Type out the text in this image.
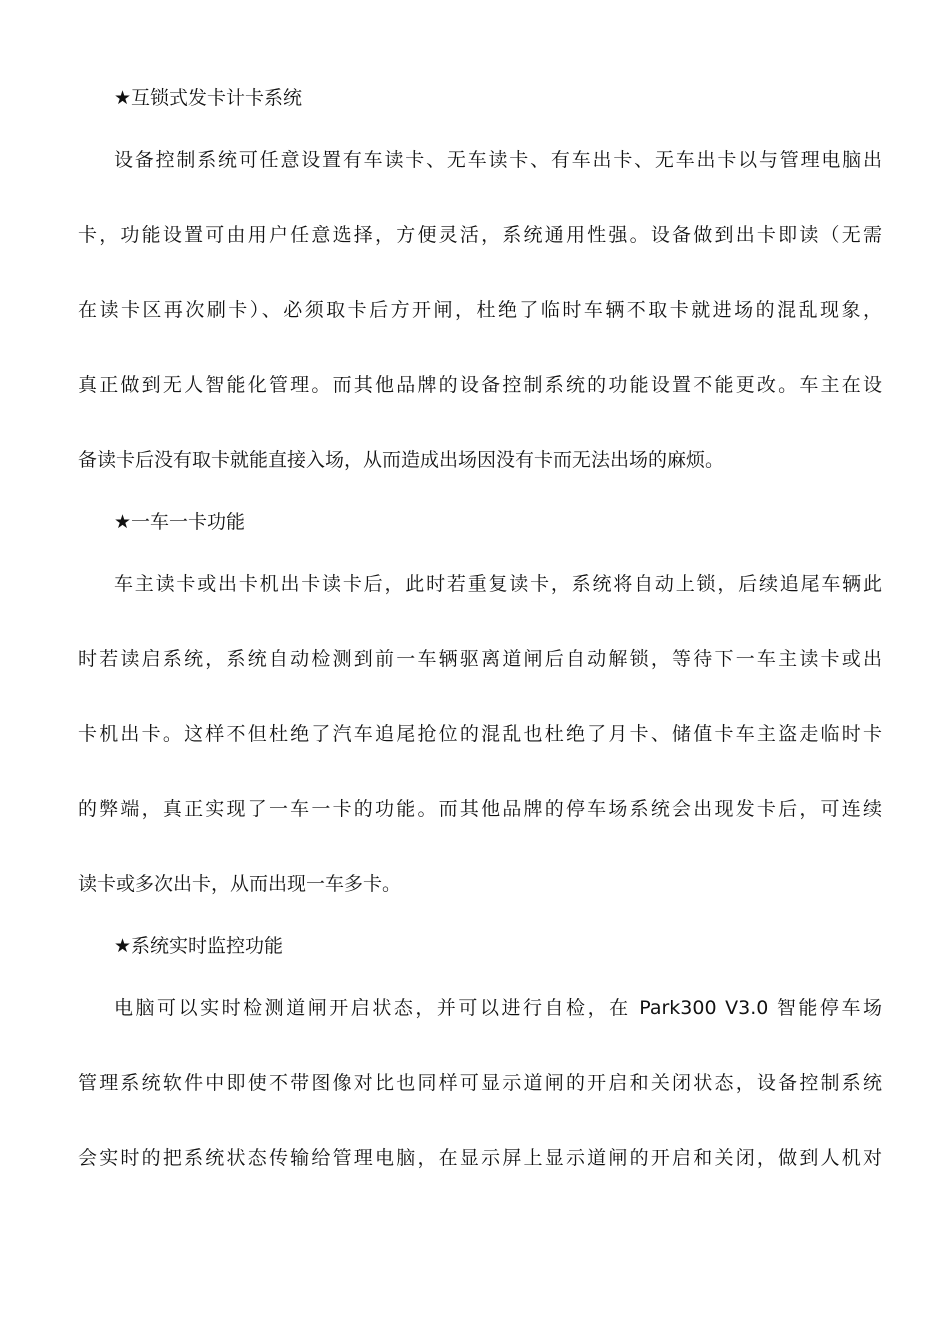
★互锁式发卡计卡系统
设备控制系统可任意设置有车读卡、无车读卡、有车出卡、无车出卡以与管理电脑出
卡，功能设置可由用户任意选择，方便灵活，系统通用性强。设备做到出卡即读（无需
在读卡区再次刷卡）、必须取卡后方开闸，杜绝了临时车辆不取卡就进场的混乱现象，
真正做到无人智能化管理。而其他品牌的设备控制系统的功能设置不能更改。车主在设
备读卡后没有取卡就能直接入场，从而造成出场因没有卡而无法出场的麻烦。
★一车一卡功能
车主读卡或出卡机出卡读卡后，此时若重复读卡，系统将自动上锁，后续追尾车辆此
时若读启系统，系统自动检测到前一车辆驱离道闸后自动解锁，等待下一车主读卡或出
卡机出卡。这样不但杜绝了汽车追尾抢位的混乱也杜绝了月卡、储值卡车主盗走临时卡
的弊端，真正实现了一车一卡的功能。而其他品牌的停车场系统会出现发卡后，可连续
读卡或多次出卡，从而出现一车多卡。
★系统实时监控功能
电脑可以实时检测道闸开启状态，并可以进行自检，在 Park300 V3.0 智能停车场
管理系统软件中即使不带图像对比也同样可显示道闸的开启和关闭状态，设备控制系统
会实时的把系统状态传输给管理电脑，在显示屏上显示道闸的开启和关闭，做到人机对
